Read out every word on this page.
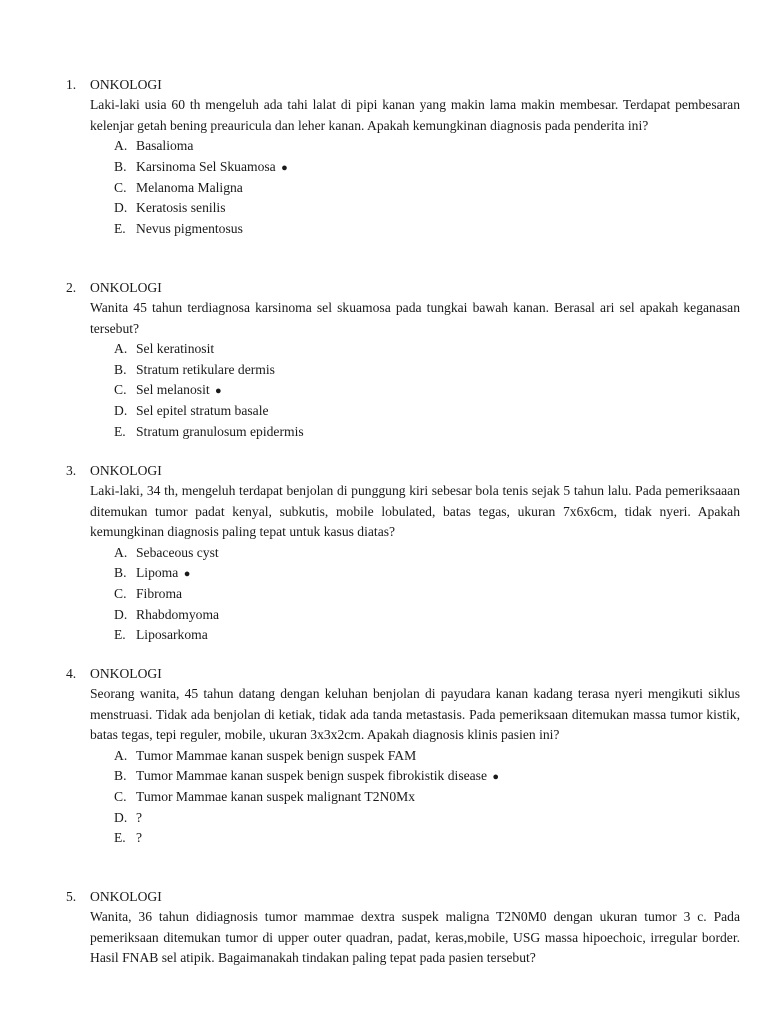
1.	ONKOLOGI
Laki-laki usia 60 th mengeluh ada tahi lalat di pipi kanan yang makin lama makin membesar. Terdapat pembesaran kelenjar getah bening preauricula dan leher kanan. Apakah kemungkinan diagnosis pada penderita ini?
A. Basalioma
B. Karsinoma Sel Skuamosa ●
C. Melanoma Maligna
D. Keratosis senilis
E. Nevus pigmentosus
2.	ONKOLOGI
Wanita 45 tahun terdiagnosa karsinoma sel skuamosa pada tungkai bawah kanan. Berasal ari sel apakah keganasan tersebut?
A. Sel keratinosit
B. Stratum retikulare dermis
C. Sel melanosit ●
D. Sel epitel stratum basale
E. Stratum granulosum epidermis
3.	ONKOLOGI
Laki-laki, 34 th, mengeluh terdapat benjolan di punggung kiri sebesar bola tenis sejak 5 tahun lalu. Pada pemeriksaaan ditemukan tumor padat kenyal, subkutis, mobile lobulated, batas tegas, ukuran 7x6x6cm, tidak nyeri. Apakah kemungkinan diagnosis paling tepat untuk kasus diatas?
A. Sebaceous cyst
B. Lipoma ●
C. Fibroma
D. Rhabdomyoma
E. Liposarkoma
4.	ONKOLOGI
Seorang wanita, 45 tahun datang dengan keluhan benjolan di payudara kanan kadang terasa nyeri mengikuti siklus menstruasi. Tidak ada benjolan di ketiak, tidak ada tanda metastasis. Pada pemeriksaan ditemukan massa tumor kistik, batas tegas, tepi reguler, mobile, ukuran 3x3x2cm. Apakah diagnosis klinis pasien ini?
A. Tumor Mammae kanan suspek benign suspek FAM
B. Tumor Mammae kanan suspek benign suspek fibrokistik disease ●
C. Tumor Mammae kanan suspek malignant T2N0Mx
D. ?
E. ?
5.	ONKOLOGI
Wanita, 36 tahun didiagnosis tumor mammae dextra suspek maligna T2N0M0 dengan ukuran tumor 3 c. Pada pemeriksaan ditemukan tumor di upper outer quadran, padat, keras,mobile, USG massa hipoechoic, irregular border. Hasil FNAB sel atipik. Bagaimanakah tindakan paling tepat pada pasien tersebut?
